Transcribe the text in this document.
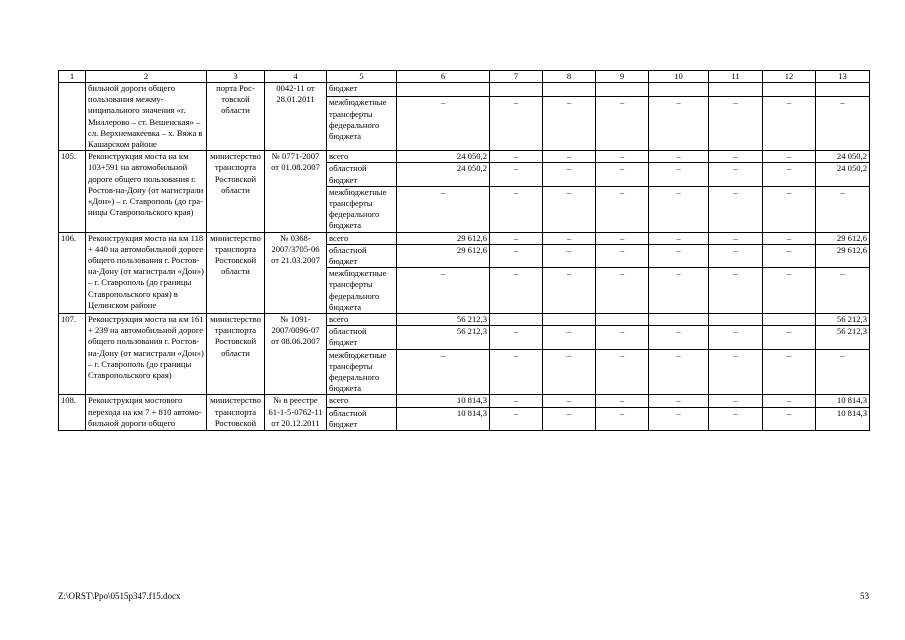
1	2	3	4	5	6	7	8	9	10	11	12	13
	бильной дороги общего пользования межмуниципального значения «г. Миллерово – ст. Вешенская» – сл. Верхнемакеевка – х. Вяжа в Кашарском районе	порта Ростовской области	0042-11 от 28.01.2011	бюджет								
				межбюджетные трансферты федерального бюджета	–	–	–	–	–	–	–	–
105.	Реконструкция моста на км 103+591 на автомобильной дороге общего пользования г. Ростов-на-Дону (от магистрали «Дон») – г. Ставрополь (до границы Ставропольского края)	министерство транспорта Ростовской области	№ 0771-2007 от 01.08.2007	всего	24 050,2	–	–	–	–	–	–	24 050,2
				областной бюджет	24 050,2	–	–	–	–	–	–	24 050,2
				межбюджетные трансферты федерального бюджета	–	–	–	–	–	–	–	–
106.	Реконструкция моста на км 118 + 440 на автомобильной дороге общего пользования г. Ростов-на-Дону (от магистрали «Дон») – г. Ставрополь (до границы Ставропольского края) в Целинском районе	министерство транспорта Ростовской области	№ 0368-2007/3705-06 от 21.03.2007	всего	29 612,6	–	–	–	–	–	–	29 612,6
				областной бюджет	29 612,6	–	–	–	–	–	–	29 612,6
				межбюджетные трансферты федерального бюджета	–	–	–	–	–	–	–	–
107.	Реконструкция моста на км 161 + 239 на автомобильной дороге общего пользования г. Ростов-на-Дону (от магистрали «Дон») – г. Ставрополь (до границы Ставропольского края)	министерство транспорта Ростовской области	№ 1091-2007/0096-07 от 08.06.2007	всего	56 212,3							56 212,3
				областной бюджет	56 212,3	–	–	–	–	–	–	56 212,3
				межбюджетные трансферты федерального бюджета	–	–	–	–	–	–	–	–
108.	Реконструкция мостового перехода на км 7 + 810 автомобильной дороги общего	министерство транспорта Ростовской	№ в реестре 61-1-5-0762-11 от 20.12.2011	всего	10 814,3	–	–	–	–	–	–	10 814,3
				областной бюджет	10 814,3	–	–	–	–	–	–	10 814,3
Z:\ORST\Ppo\0515p347.f15.docx	53
